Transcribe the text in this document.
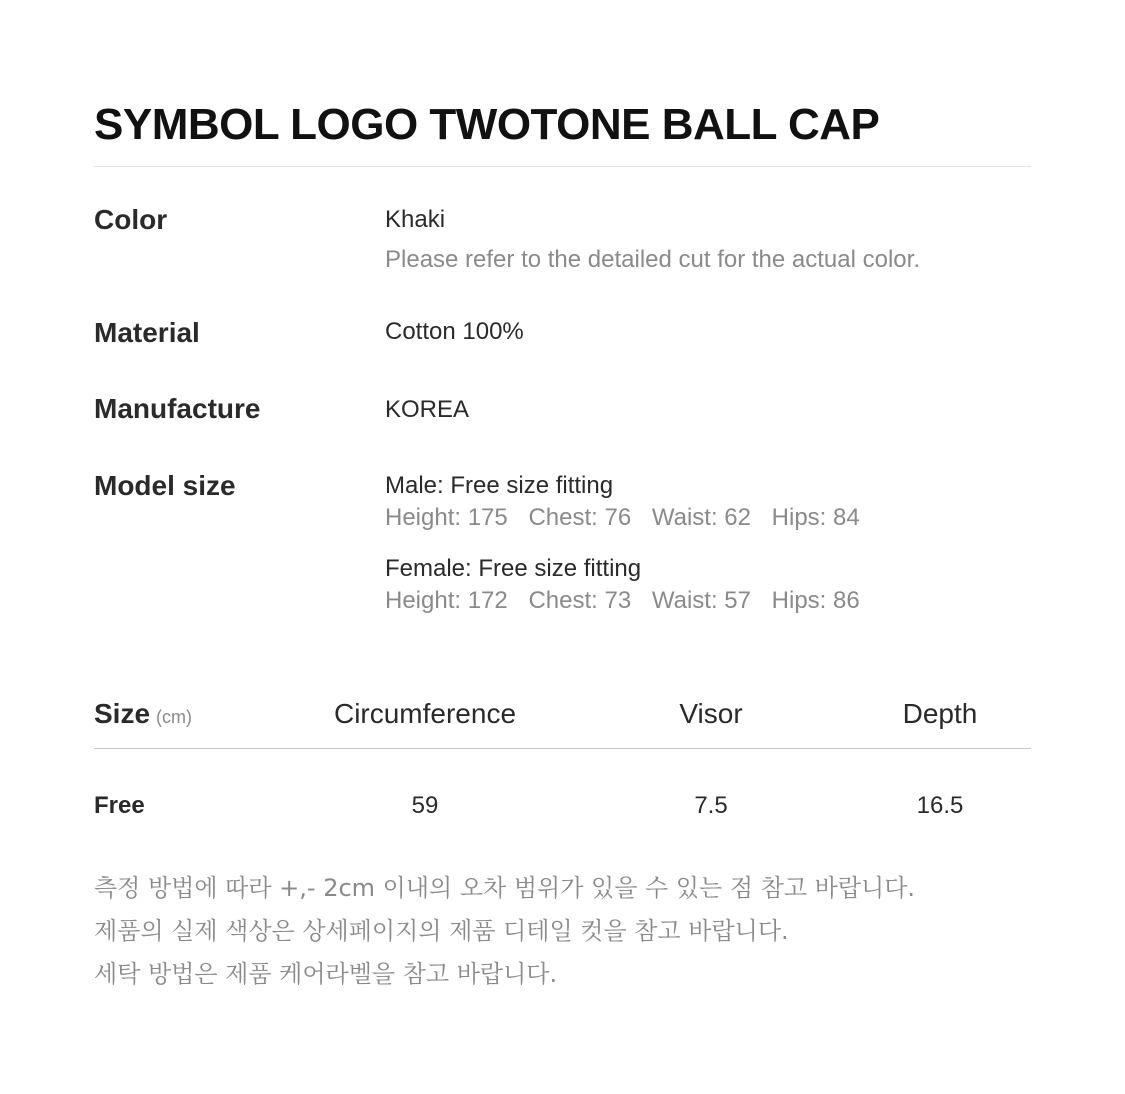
SYMBOL LOGO TWOTONE BALL CAP
Color	Khaki
Please refer to the detailed cut for the actual color.
Material	Cotton 100%
Manufacture	KOREA
Model size	Male: Free size fitting
Height: 175 Chest: 76 Waist: 62 Hips: 84
Female: Free size fitting
Height: 172 Chest: 73 Waist: 57 Hips: 86
Size (cm)	Circumference	Visor	Depth
Free	59	7.5	16.5
측정 방법에 따라 +,- 2cm 이내의 오차 범위가 있을 수 있는 점 참고 바랍니다.
제품의 실제 색상은 상세페이지의 제품 디테일 컷을 참고 바랍니다.
세탁 방법은 제품 케어라벨을 참고 바랍니다.
